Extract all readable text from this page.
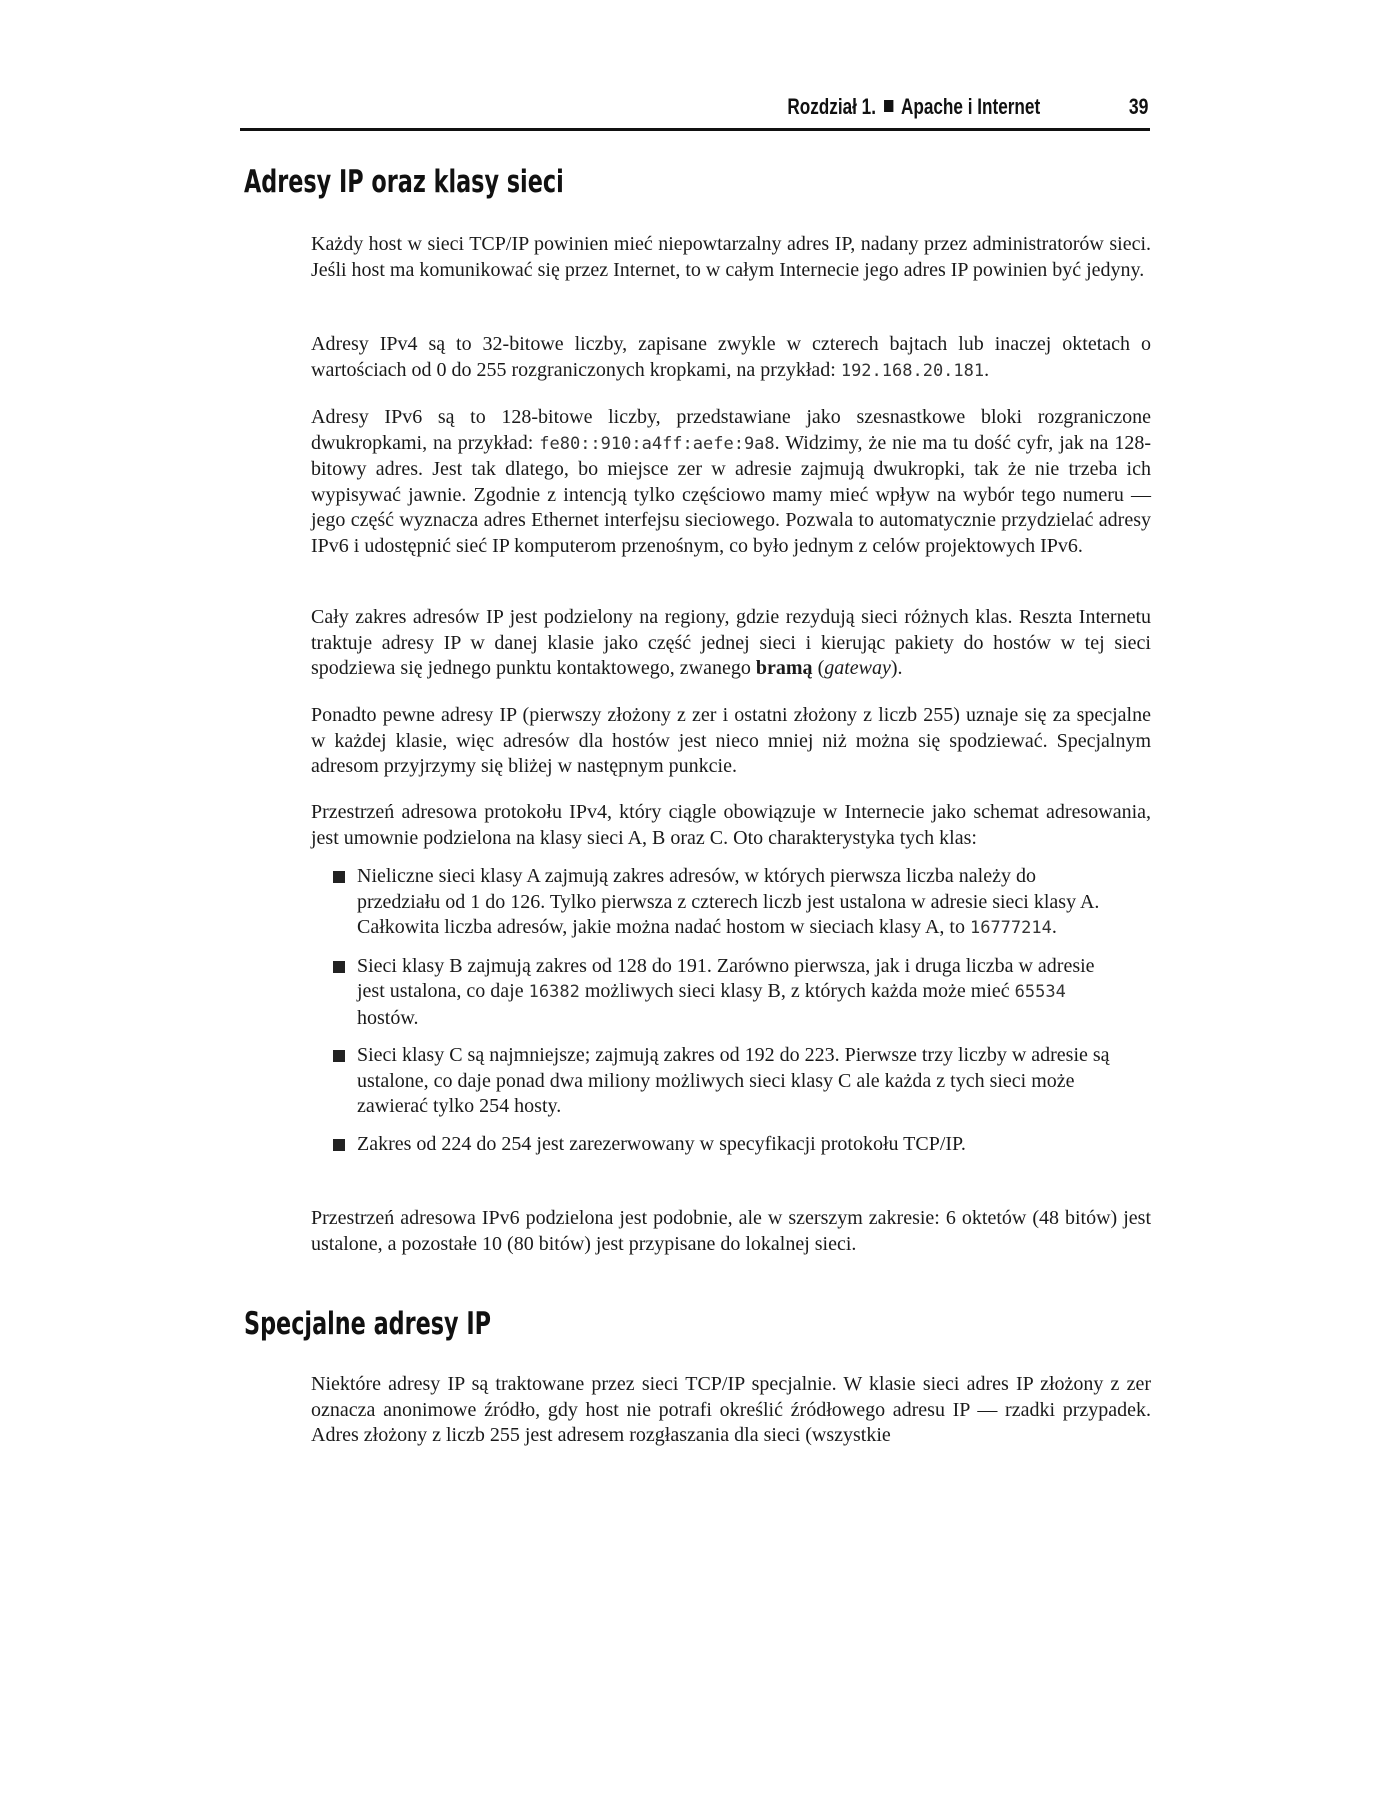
Rozdział 1. Apache i Internet	39
Adresy IP oraz klasy sieci

Każdy host w sieci TCP/IP powinien mieć niepowtarzalny adres IP, nadany przez administratorów sieci. Jeśli host ma komunikować się przez Internet, to w całym Internecie jego adres IP powinien być jedyny.

Adresy IPv4 są to 32-bitowe liczby, zapisane zwykle w czterech bajtach lub inaczej oktetach o wartościach od 0 do 255 rozgraniczonych kropkami, na przykład: 192.168.20.181.

Adresy IPv6 są to 128-bitowe liczby, przedstawiane jako szesnastkowe bloki rozgraniczone dwukropkami, na przykład: fe80::910:a4ff:aefe:9a8. Widzimy, że nie ma tu dość cyfr, jak na 128-bitowy adres. Jest tak dlatego, bo miejsce zer w adresie zajmują dwukropki, tak że nie trzeba ich wypisywać jawnie. Zgodnie z intencją tylko częściowo mamy mieć wpływ na wybór tego numeru — jego część wyznacza adres Ethernet interfejsu sieciowego. Pozwala to automatycznie przydzielać adresy IPv6 i udostępnić sieć IP komputerom przenośnym, co było jednym z celów projektowych IPv6.

Cały zakres adresów IP jest podzielony na regiony, gdzie rezydują sieci różnych klas. Reszta Internetu traktuje adresy IP w danej klasie jako część jednej sieci i kierując pakiety do hostów w tej sieci spodziewa się jednego punktu kontaktowego, zwanego bramą (gateway).

Ponadto pewne adresy IP (pierwszy złożony z zer i ostatni złożony z liczb 255) uznaje się za specjalne w każdej klasie, więc adresów dla hostów jest nieco mniej niż można się spodziewać. Specjalnym adresom przyjrzymy się bliżej w następnym punkcie.

Przestrzeń adresowa protokołu IPv4, który ciągle obowiązuje w Internecie jako schemat adresowania, jest umownie podzielona na klasy sieci A, B oraz C. Oto charakterystyka tych klas:

Nieliczne sieci klasy A zajmują zakres adresów, w których pierwsza liczba należy do przedziału od 1 do 126. Tylko pierwsza z czterech liczb jest ustalona w adresie sieci klasy A. Całkowita liczba adresów, jakie można nadać hostom w sieciach klasy A, to 16777214.
Sieci klasy B zajmują zakres od 128 do 191. Zarówno pierwsza, jak i druga liczba w adresie jest ustalona, co daje 16382 możliwych sieci klasy B, z których każda może mieć 65534 hostów.
Sieci klasy C są najmniejsze; zajmują zakres od 192 do 223. Pierwsze trzy liczby w adresie są ustalone, co daje ponad dwa miliony możliwych sieci klasy C ale każda z tych sieci może zawierać tylko 254 hosty.
Zakres od 224 do 254 jest zarezerwowany w specyfikacji protokołu TCP/IP.

Przestrzeń adresowa IPv6 podzielona jest podobnie, ale w szerszym zakresie: 6 oktetów (48 bitów) jest ustalone, a pozostałe 10 (80 bitów) jest przypisane do lokalnej sieci.

Specjalne adresy IP

Niektóre adresy IP są traktowane przez sieci TCP/IP specjalnie. W klasie sieci adres IP złożony z zer oznacza anonimowe źródło, gdy host nie potrafi określić źródłowego adresu IP — rzadki przypadek. Adres złożony z liczb 255 jest adresem rozgłaszania dla sieci (wszystkie
